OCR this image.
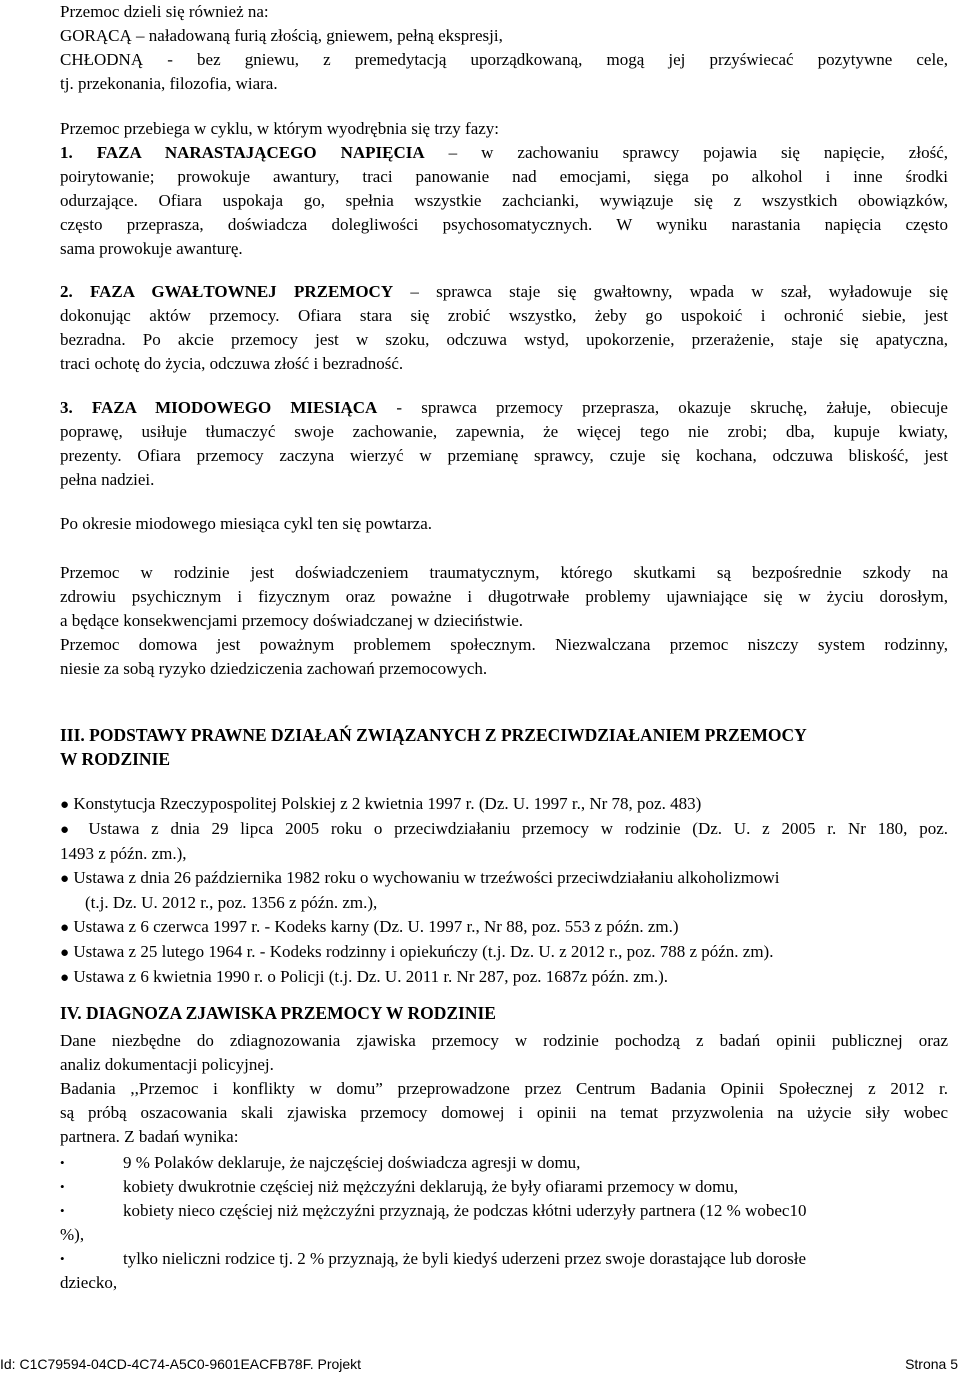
Przemoc dzieli się również na:
GORĄCĄ – naładowaną furią złością, gniewem, pełną ekspresji,
CHŁODNĄ - bez gniewu, z premedytacją uporządkowaną, mogą jej przyświecać pozytywne cele,
tj. przekonania, filozofia, wiara.
Przemoc przebiega w cyklu, w którym wyodrębnia się trzy fazy:
1. FAZA NARASTAJĄCEGO NAPIĘCIA – w zachowaniu sprawcy pojawia się napięcie, złość,
poirytowanie; prowokuje awantury, traci panowanie nad emocjami, sięga po alkohol i inne środki
odurzające. Ofiara uspokaja go, spełnia wszystkie zachcianki, wywiązuje się z wszystkich obowiązków,
często przeprasza, doświadcza dolegliwości psychosomatycznych. W wyniku narastania napięcia często
sama prowokuje awanturę.
2. FAZA GWAŁTOWNEJ PRZEMOCY – sprawca staje się gwałtowny, wpada w szał, wyładowuje się
dokonując aktów przemocy. Ofiara stara się zrobić wszystko, żeby go uspokoić i ochronić siebie, jest
bezradna. Po akcie przemocy jest w szoku, odczuwa wstyd, upokorzenie, przerażenie, staje się apatyczna,
traci ochotę do życia, odczuwa złość i bezradność.
3. FAZA MIODOWEGO MIESIĄCA - sprawca przemocy przeprasza, okazuje skruchę, żałuje, obiecuje
poprawę, usiłuje tłumaczyć swoje zachowanie, zapewnia, że więcej tego nie zrobi; dba, kupuje kwiaty,
prezenty. Ofiara przemocy zaczyna wierzyć w przemianę sprawcy, czuje się kochana, odczuwa bliskość, jest
pełna nadziei.
Po okresie miodowego miesiąca cykl ten się powtarza.
Przemoc w rodzinie jest doświadczeniem traumatycznym, którego skutkami są bezpośrednie szkody na
zdrowiu psychicznym i fizycznym oraz poważne i długotrwałe problemy ujawniające się w życiu dorosłym,
a będące konsekwencjami przemocy doświadczanej w dzieciństwie.
Przemoc domowa jest poważnym problemem społecznym. Niezwalczana przemoc niszczy system rodzinny,
niesie za sobą ryzyko dziedziczenia zachowań przemocowych.
III. PODSTAWY PRAWNE DZIAŁAŃ ZWIĄZANYCH Z PRZECIWDZIAŁANIEM PRZEMOCY
W RODZINIE
● Konstytucja Rzeczypospolitej Polskiej z 2 kwietnia 1997 r. (Dz. U. 1997 r., Nr 78, poz. 483)
● Ustawa z dnia 29 lipca 2005 roku o przeciwdziałaniu przemocy w rodzinie (Dz. U. z 2005 r. Nr 180, poz.
1493 z późn. zm.),
● Ustawa z dnia 26 października 1982 roku o wychowaniu w trzeźwości przeciwdziałaniu alkoholizmowi
(t.j. Dz. U. 2012 r., poz. 1356 z późn. zm.),
● Ustawa z 6 czerwca 1997 r. - Kodeks karny (Dz. U. 1997 r., Nr 88, poz. 553 z późn. zm.)
● Ustawa z 25 lutego 1964 r. - Kodeks rodzinny i opiekuńczy (t.j. Dz. U. z 2012 r., poz. 788 z późn. zm).
● Ustawa z 6 kwietnia 1990 r. o Policji (t.j. Dz. U. 2011 r. Nr 287, poz. 1687z późn. zm.).
IV. DIAGNOZA ZJAWISKA PRZEMOCY W RODZINIE
Dane niezbędne do zdiagnozowania zjawiska przemocy w rodzinie pochodzą z badań opinii publicznej oraz
analiz dokumentacji policyjnej.
Badania ,,Przemoc i konflikty w domu” przeprowadzone przez Centrum Badania Opinii Społecznej z 2012 r.
są próbą oszacowania skali zjawiska przemocy domowej i opinii na temat przyzwolenia na użycie siły wobec
partnera. Z badań wynika:
•	9 % Polaków deklaruje, że najczęściej doświadcza agresji w domu,
•	kobiety dwukrotnie częściej niż mężczyźni deklarują, że były ofiarami przemocy w domu,
•	kobiety nieco częściej niż mężczyźni przyznają, że podczas kłótni uderzyły partnera (12 % wobec10
%),
•	tylko nieliczni rodzice tj. 2 % przyznają, że byli kiedyś uderzeni przez swoje dorastające lub dorosłe
dziecko,
Id: C1C79594-04CD-4C74-A5C0-9601EACFB78F. Projekt	Strona 5
